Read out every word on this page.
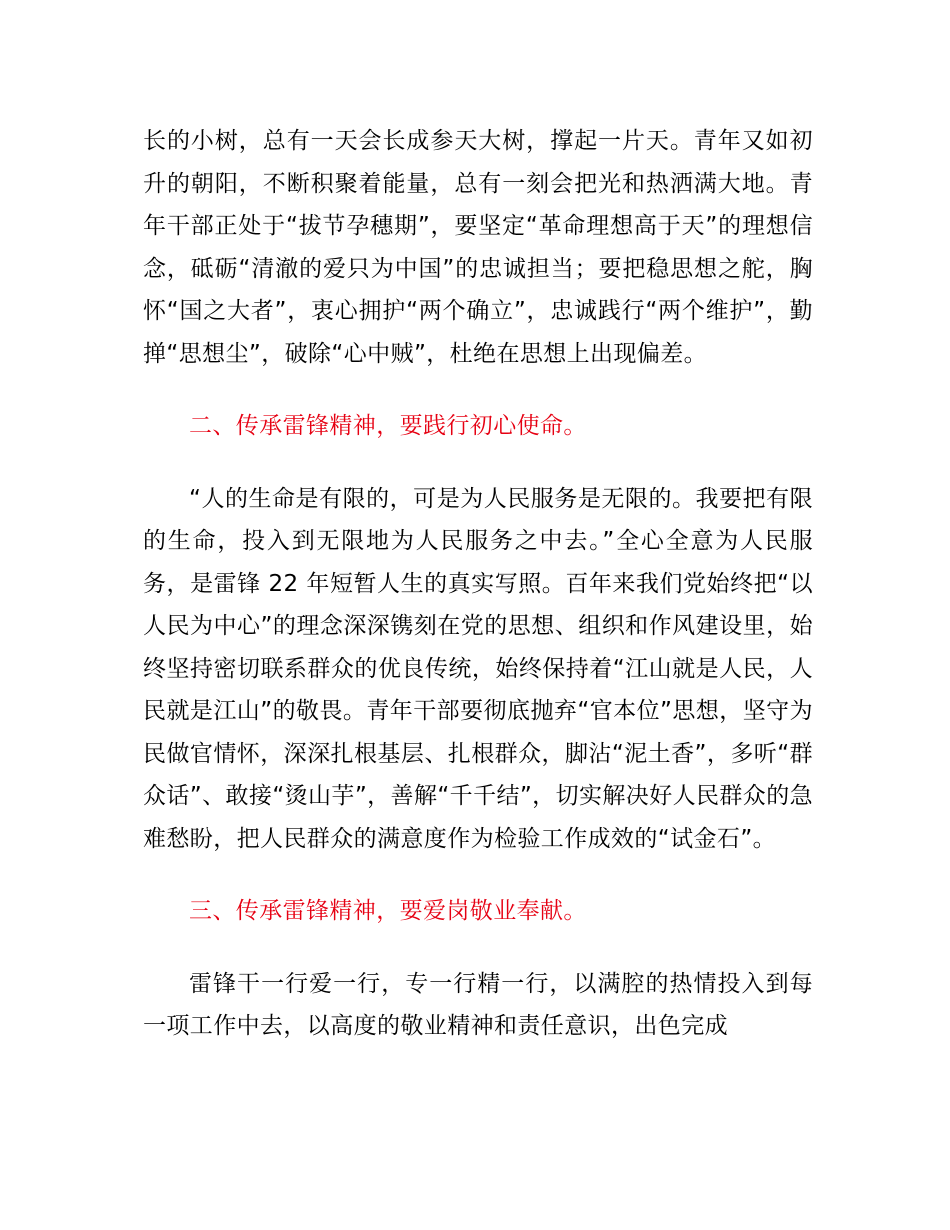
长的小树，总有一天会长成参天大树，撑起一片天。青年又如初升的朝阳，不断积聚着能量，总有一刻会把光和热洒满大地。青年干部正处于“拔节孕穗期”，要坚定“革命理想高于天”的理想信念，砥砺“清澈的爱只为中国”的忠诚担当；要把稳思想之舵，胸怀“国之大者”，衷心拥护“两个确立”，忠诚践行“两个维护”，勤掸“思想尘”，破除“心中贼”，杜绝在思想上出现偏差。

二、传承雷锋精神，要践行初心使命。

“人的生命是有限的，可是为人民服务是无限的。我要把有限的生命，投入到无限地为人民服务之中去。”全心全意为人民服务，是雷锋 22 年短暂人生的真实写照。百年来我们党始终把“以人民为中心”的理念深深镌刻在党的思想、组织和作风建设里，始终坚持密切联系群众的优良传统，始终保持着“江山就是人民，人民就是江山”的敬畏。青年干部要彻底抛弃“官本位”思想，坚守为民做官情怀，深深扎根基层、扎根群众，脚沾“泥土香”，多听“群众话”、敢接“烫山芋”，善解“千千结”，切实解决好人民群众的急难愁盼，把人民群众的满意度作为检验工作成效的“试金石”。

三、传承雷锋精神，要爱岗敬业奉献。

雷锋干一行爱一行，专一行精一行，以满腔的热情投入到每一项工作中去，以高度的敬业精神和责任意识，出色完成
